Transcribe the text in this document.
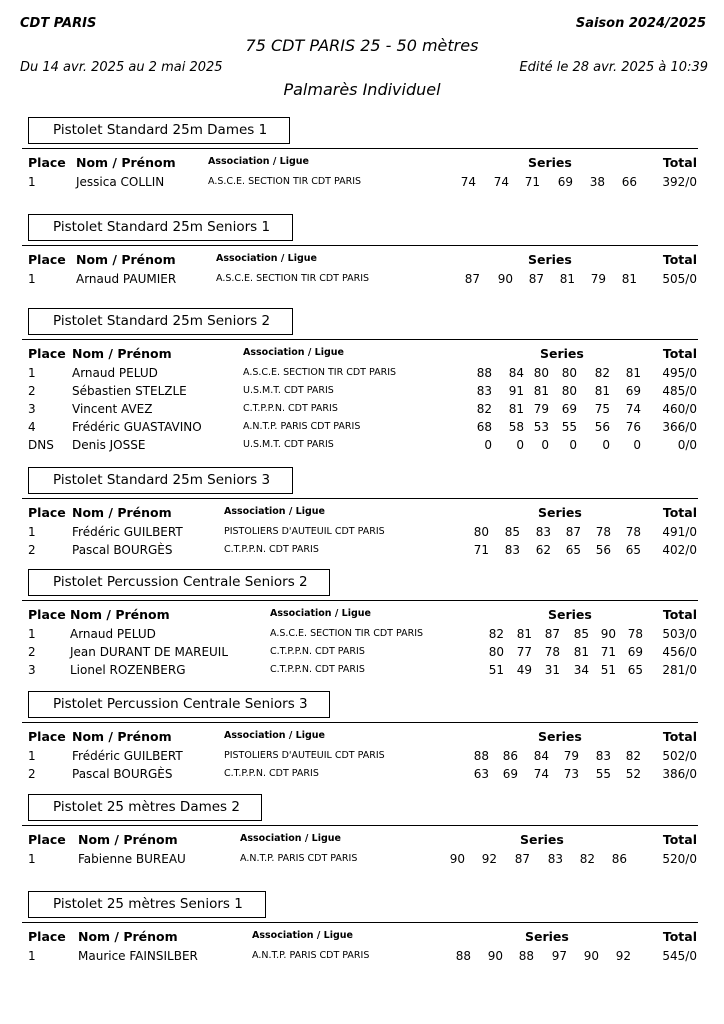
CDT PARIS	Saison 2024/2025
75 CDT PARIS 25 - 50 mètres
Du 14 avr. 2025 au 2 mai 2025	Edité le 28 avr. 2025 à 10:39
Palmarès Individuel
Pistolet Standard 25m Dames 1
Place Nom / Prénom	Association / Ligue	Series	Total
1	Jessica COLLIN	A.S.C.E. SECTION TIR CDT PARIS	74	74	71	69	38	66 392/0
Pistolet Standard 25m Seniors 1
Place Nom / Prénom	Association / Ligue	Series	Total
1	Arnaud PAUMIER	A.S.C.E. SECTION TIR CDT PARIS	87	90	87	81	79	81 505/0
Pistolet Standard 25m Seniors 2
Place Nom / Prénom	Association / Ligue	Series	Total
1	Arnaud PELUD	A.S.C.E. SECTION TIR CDT PARIS	88	84 80	80	82	81 495/0
2	Sébastien STELZLE	U.S.M.T. CDT PARIS	83	91 81	80	81	69 485/0
3	Vincent AVEZ	C.T.P.P.N. CDT PARIS	82	81 79	69	75	74 460/0
4	Frédéric GUASTAVINO	A.N.T.P. PARIS CDT PARIS	68	58 53	55	56	76 366/0
DNS Denis JOSSE	U.S.M.T. CDT PARIS	0	0	0	0	0	0	0/0
Pistolet Standard 25m Seniors 3
Place Nom / Prénom	Association / Ligue	Series	Total
1	Frédéric GUILBERT	PISTOLIERS D'AUTEUIL CDT PARIS	80	85	83	87	78	78 491/0
2	Pascal BOURGÈS	C.T.P.P.N. CDT PARIS	71	83	62	65	56	65 402/0
Pistolet Percussion Centrale Seniors 2
Place Nom / Prénom	Association / Ligue	Series	Total
1	Arnaud PELUD	A.S.C.E. SECTION TIR CDT PARIS	82	81	87	85 90 78 503/0
2	Jean DURANT DE MAREUIL	C.T.P.P.N. CDT PARIS	80	77	78	81 71 69 456/0
3	Lionel ROZENBERG	C.T.P.P.N. CDT PARIS	51	49	31	34 51 65 281/0
Pistolet Percussion Centrale Seniors 3
Place Nom / Prénom	Association / Ligue	Series	Total
1	Frédéric GUILBERT	PISTOLIERS D'AUTEUIL CDT PARIS	88	86	84	79	83	82 502/0
2	Pascal BOURGÈS	C.T.P.P.N. CDT PARIS	63	69	74	73	55	52 386/0
Pistolet 25 mètres Dames 2
Place Nom / Prénom	Association / Ligue	Series	Total
1	Fabienne BUREAU	A.N.T.P. PARIS CDT PARIS	90	92	87	83	82	86	520/0
Pistolet 25 mètres Seniors 1
Place Nom / Prénom	Association / Ligue	Series	Total
1	Maurice FAINSILBER	A.N.T.P. PARIS CDT PARIS	88	90	88	97	90	92	545/0
